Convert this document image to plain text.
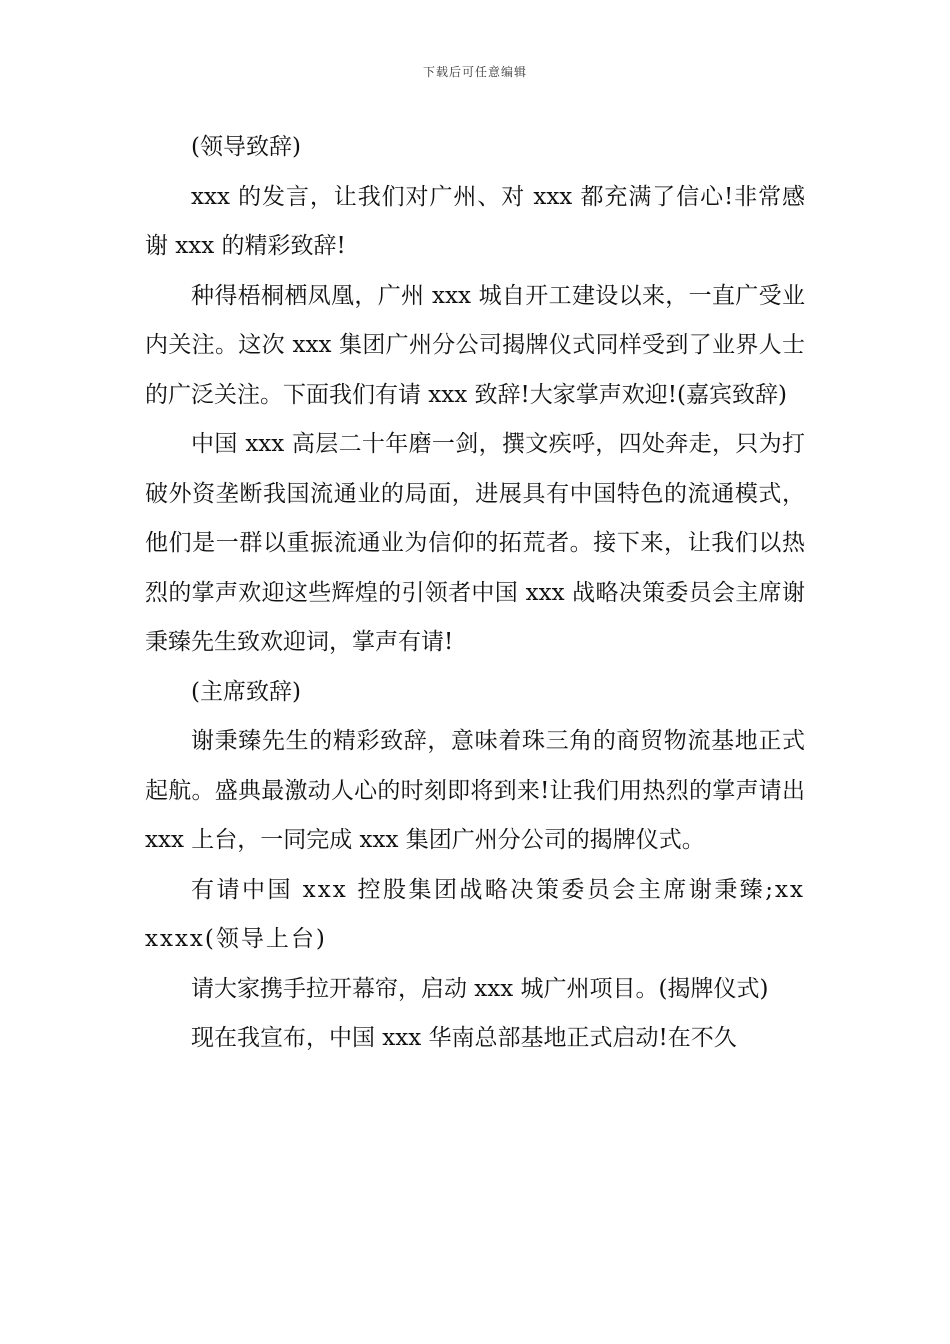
下载后可任意编辑

(领导致辞)

xxx 的发言，让我们对广州、对 xxx 都充满了信心!非常感谢 xxx 的精彩致辞!

种得梧桐栖凤凰，广州 xxx 城自开工建设以来，一直广受业内关注。这次 xxx 集团广州分公司揭牌仪式同样受到了业界人士的广泛关注。下面我们有请 xxx 致辞!大家掌声欢迎!(嘉宾致辞)

中国 xxx 高层二十年磨一剑，撰文疾呼，四处奔走，只为打破外资垄断我国流通业的局面，进展具有中国特色的流通模式，他们是一群以重振流通业为信仰的拓荒者。接下来，让我们以热烈的掌声欢迎这些辉煌的引领者中国 xxx 战略决策委员会主席谢秉臻先生致欢迎词，掌声有请!

(主席致辞)

谢秉臻先生的精彩致辞，意味着珠三角的商贸物流基地正式起航。盛典最激动人心的时刻即将到来!让我们用热烈的掌声请出 xxx 上台，一同完成 xxx 集团广州分公司的揭牌仪式。

有请中国 xxx 控股集团战略决策委员会主席谢秉臻;xxxxxx(领导上台)

请大家携手拉开幕帘，启动 xxx 城广州项目。(揭牌仪式)

现在我宣布，中国 xxx 华南总部基地正式启动!在不久
